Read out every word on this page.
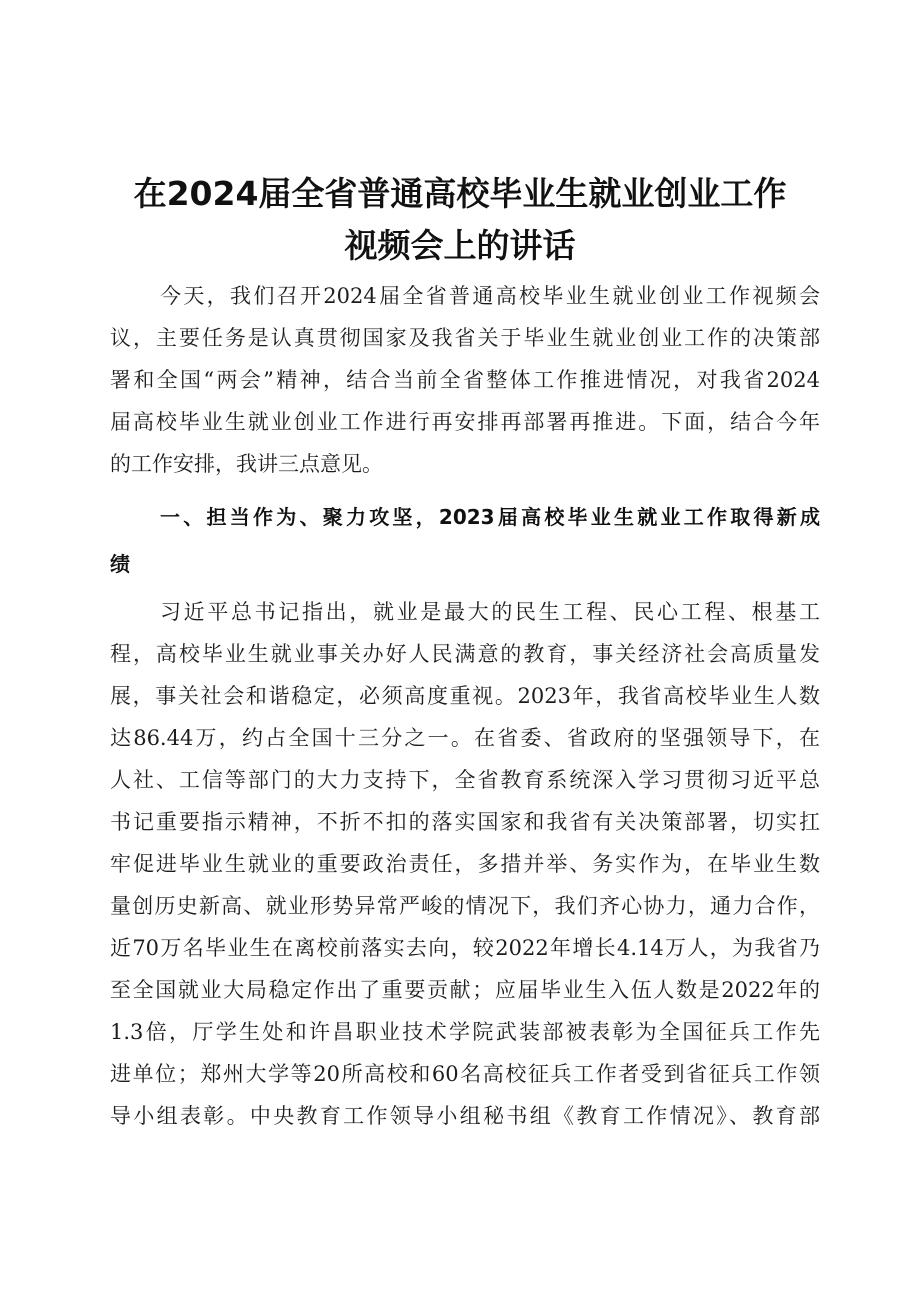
在2024届全省普通高校毕业生就业创业工作
视频会上的讲话
今天，我们召开2024届全省普通高校毕业生就业创业工作视频会
议，主要任务是认真贯彻国家及我省关于毕业生就业创业工作的决策部
署和全国“两会”精神，结合当前全省整体工作推进情况，对我省2024
届高校毕业生就业创业工作进行再安排再部署再推进。下面，结合今年
的工作安排，我讲三点意见。
一、担当作为、聚力攻坚，2023届高校毕业生就业工作取得新成
绩
习近平总书记指出，就业是最大的民生工程、民心工程、根基工
程，高校毕业生就业事关办好人民满意的教育，事关经济社会高质量发
展，事关社会和谐稳定，必须高度重视。2023年，我省高校毕业生人数
达86.44万，约占全国十三分之一。在省委、省政府的坚强领导下，在
人社、工信等部门的大力支持下，全省教育系统深入学习贯彻习近平总
书记重要指示精神，不折不扣的落实国家和我省有关决策部署，切实扛
牢促进毕业生就业的重要政治责任，多措并举、务实作为，在毕业生数
量创历史新高、就业形势异常严峻的情况下，我们齐心协力，通力合作，
近70万名毕业生在离校前落实去向，较2022年增长4.14万人，为我省乃
至全国就业大局稳定作出了重要贡献；应届毕业生入伍人数是2022年的
1.3倍，厅学生处和许昌职业技术学院武装部被表彰为全国征兵工作先
进单位；郑州大学等20所高校和60名高校征兵工作者受到省征兵工作领
导小组表彰。中央教育工作领导小组秘书组《教育工作情况》、教育部
